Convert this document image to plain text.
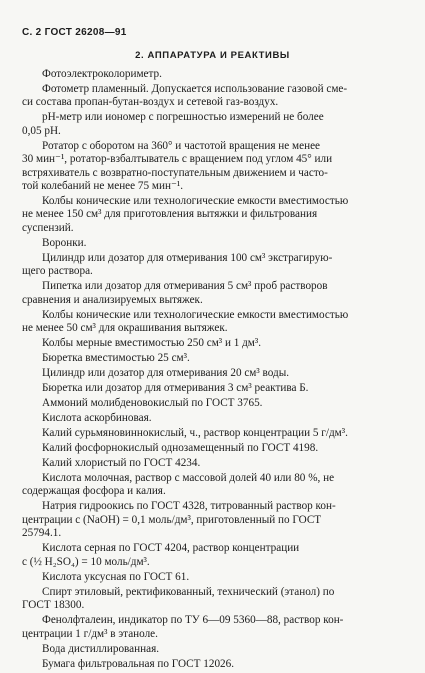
С. 2 ГОСТ 26208—91
2. АППАРАТУРА И РЕАКТИВЫ
Фотоэлектроколориметр.
Фотометр пламенный. Допускается использование газовой сме-
си состава пропан-бутан-воздух и сетевой газ-воздух.
рН-метр или иономер с погрешностью измерений не более
0,05 рН.
Ротатор с оборотом на 360° и частотой вращения не менее
30 мин⁻¹, ротатор-взбалтыватель с вращением под углом 45° или
встряхиватель с возвратно-поступательным движением и часто-
той колебаний не менее 75 мин⁻¹.
Колбы конические или технологические емкости вместимостью
не менее 150 см³ для приготовления вытяжки и фильтрования
суспензий.
Воронки.
Цилиндр или дозатор для отмеривания 100 см³ экстрагирую-
щего раствора.
Пипетка или дозатор для отмеривания 5 см³ проб растворов
сравнения и анализируемых вытяжек.
Колбы конические или технологические емкости вместимостью
не менее 50 см³ для окрашивания вытяжек.
Колбы мерные вместимостью 250 см³ и 1 дм³.
Бюретка вместимостью 25 см³.
Цилиндр или дозатор для отмеривания 20 см³ воды.
Бюретка или дозатор для отмеривания 3 см³ реактива Б.
Аммоний молибденовокислый по ГОСТ 3765.
Кислота аскорбиновая.
Калий сурьмяновиннокислый, ч., раствор концентрации 5 г/дм³.
Калий фосфорнокислый однозамещенный по ГОСТ 4198.
Калий хлористый по ГОСТ 4234.
Кислота молочная, раствор с массовой долей 40 или 80 %, не
содержащая фосфора и калия.
Натрия гидроокись по ГОСТ 4328, титрованный раствор кон-
центрации с (NaOH) = 0,1 моль/дм³, приготовленный по ГОСТ
25794.1.
Кислота серная по ГОСТ 4204, раствор концентрации
с (½ H₂SO₄) = 10 моль/дм³.
Кислота уксусная по ГОСТ 61.
Спирт этиловый, ректификованный, технический (этанол) по
ГОСТ 18300.
Фенолфталеин, индикатор по ТУ 6—09 5360—88, раствор кон-
центрации 1 г/дм³ в этаноле.
Вода дистиллированная.
Бумага фильтровальная по ГОСТ 12026.
